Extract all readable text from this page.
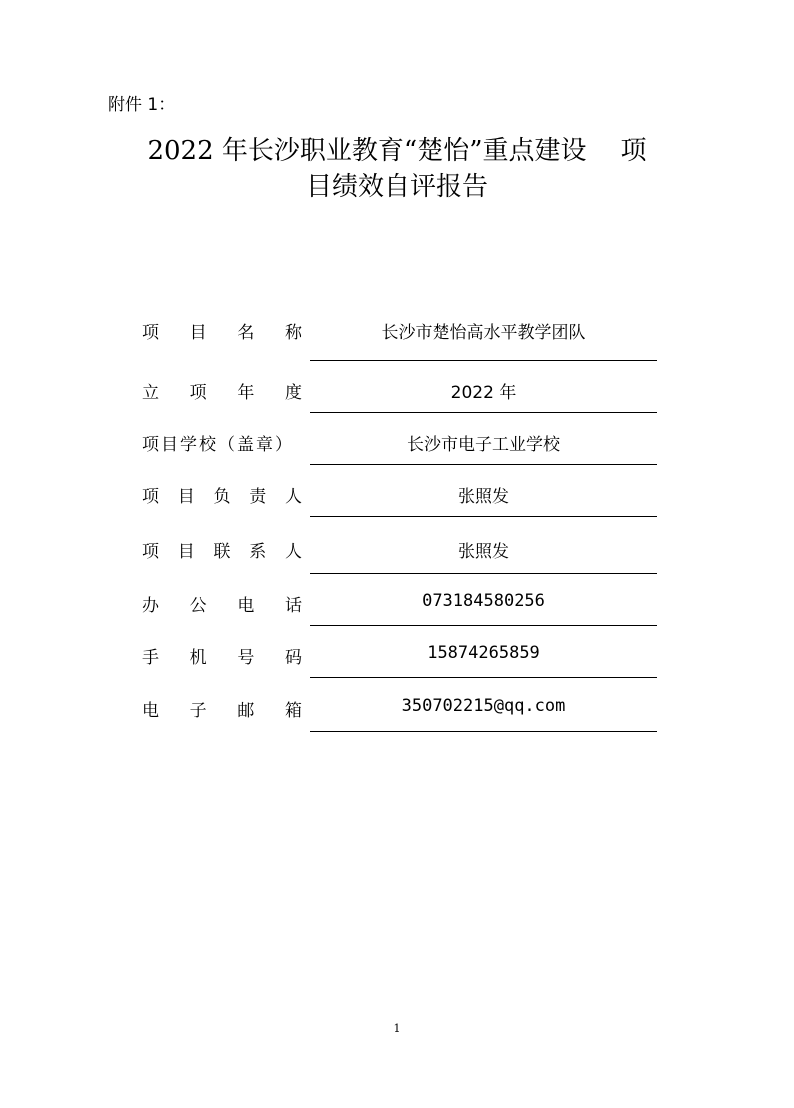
附件 1：
2022 年长沙职业教育“楚怡”重点建设 项
目绩效自评报告
项 目 名 称	长沙市楚怡高水平教学团队
立 项 年 度	2022 年
项目学校（盖章）	长沙市电子工业学校
项 目 负 责 人	张照发
项 目 联 系 人	张照发
办 公 电 话	073184580256
手 机 号 码	15874265859
电 子 邮 箱	350702215@qq.com
1
